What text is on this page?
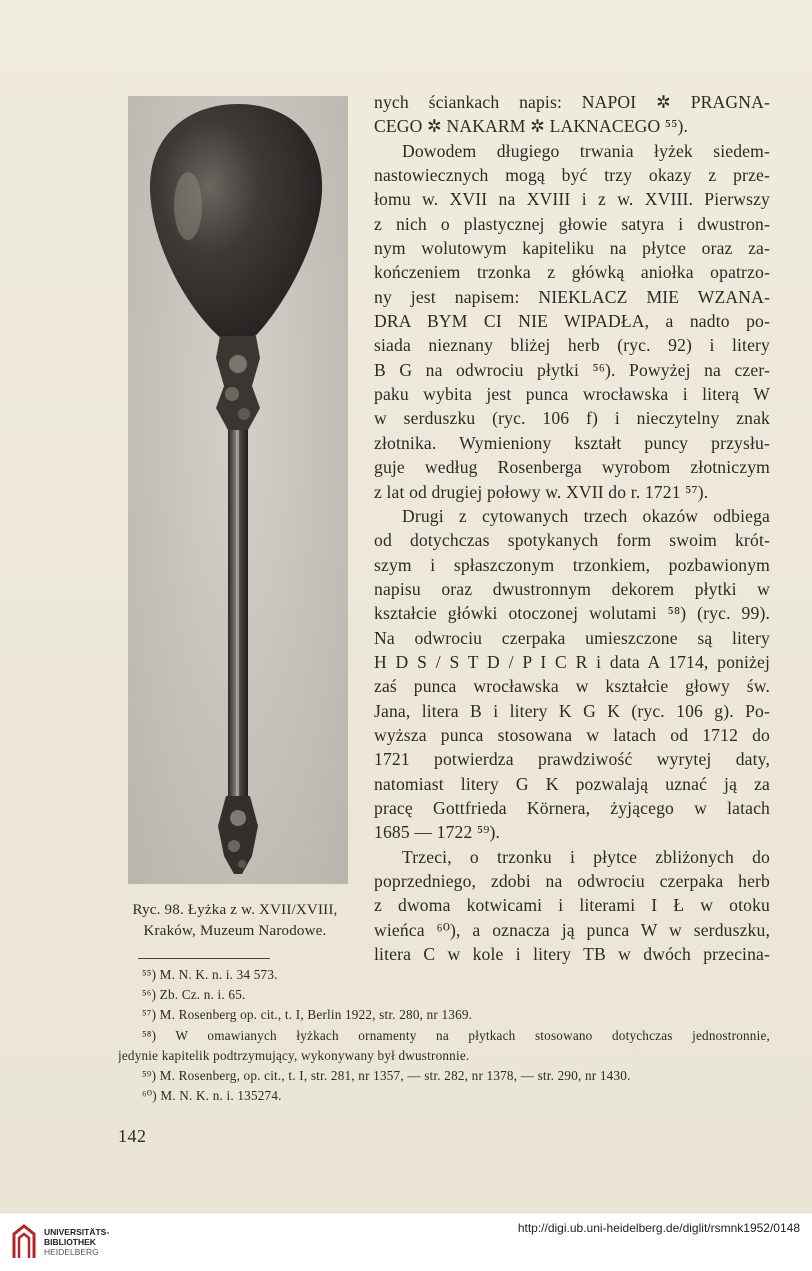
Ryc. 98. Łyżka z w. XVII/XVIII,
Kraków, Muzeum Narodowe.
nych ściankach napis: NAPOI ✲ PRAGNA-
CEGO ✲ NAKARM ✲ LAKNACEGO ⁵⁵).
Dowodem długiego trwania łyżek siedem-
nastowiecznych mogą być trzy okazy z prze-
łomu w. XVII na XVIII i z w. XVIII. Pierwszy
z nich o plastycznej głowie satyra i dwustron-
nym wolutowym kapiteliku na płytce oraz za-
kończeniem trzonka z główką aniołka opatrzo-
ny jest napisem: NIEKLACZ MIE WZANA-
DRA BYM CI NIE WIPADŁA, a nadto po-
siada nieznany bliżej herb (ryc. 92) i litery
B G na odwrociu płytki ⁵⁶). Powyżej na czer-
paku wybita jest punca wrocławska i literą W
w serduszku (ryc. 106 f) i nieczytelny znak
złotnika. Wymieniony kształt puncy przysłu-
guje według Rosenberga wyrobom złotniczym
z lat od drugiej połowy w. XVII do r. 1721 ⁵⁷).
Drugi z cytowanych trzech okazów odbiega
od dotychczas spotykanych form swoim krót-
szym i spłaszczonym trzonkiem, pozbawionym
napisu oraz dwustronnym dekorem płytki w
kształcie główki otoczonej wolutami ⁵⁸) (ryc. 99).
Na odwrociu czerpaka umieszczone są litery
H D S / S T D / P I C R i data A 1714, poniżej
zaś punca wrocławska w kształcie głowy św.
Jana, litera B i litery K G K (ryc. 106 g). Po-
wyższa punca stosowana w latach od 1712 do
1721 potwierdza prawdziwość wyrytej daty,
natomiast litery G K pozwalają uznać ją za
pracę Gottfrieda Körnera, żyjącego w latach
1685 — 1722 ⁵⁹).
Trzeci, o trzonku i płytce zbliżonych do
poprzedniego, zdobi na odwrociu czerpaka herb
z dwoma kotwicami i literami I Ł w otoku
wieńca ⁶⁰), a oznacza ją punca W w serduszku,
litera C w kole i litery TB w dwóch przecina-
⁵⁵) M. N. K. n. i. 34 573.
⁵⁶) Zb. Cz. n. i. 65.
⁵⁷) M. Rosenberg op. cit., t. I, Berlin 1922, str. 280, nr 1369.
⁵⁸) W omawianych łyżkach ornamenty na płytkach stosowano dotychczas jednostronnie,
jedynie kapitelik podtrzymujący, wykonywany był dwustronnie.
⁵⁹) M. Rosenberg, op. cit., t. I, str. 281, nr 1357, — str. 282, nr 1378, — str. 290, nr 1430.
⁶⁰) M. N. K. n. i. 135274.
142
UNIVERSITÄTS-
BIBLIOTHEK
HEIDELBERG
http://digi.ub.uni-heidelberg.de/diglit/rsmnk1952/0148
